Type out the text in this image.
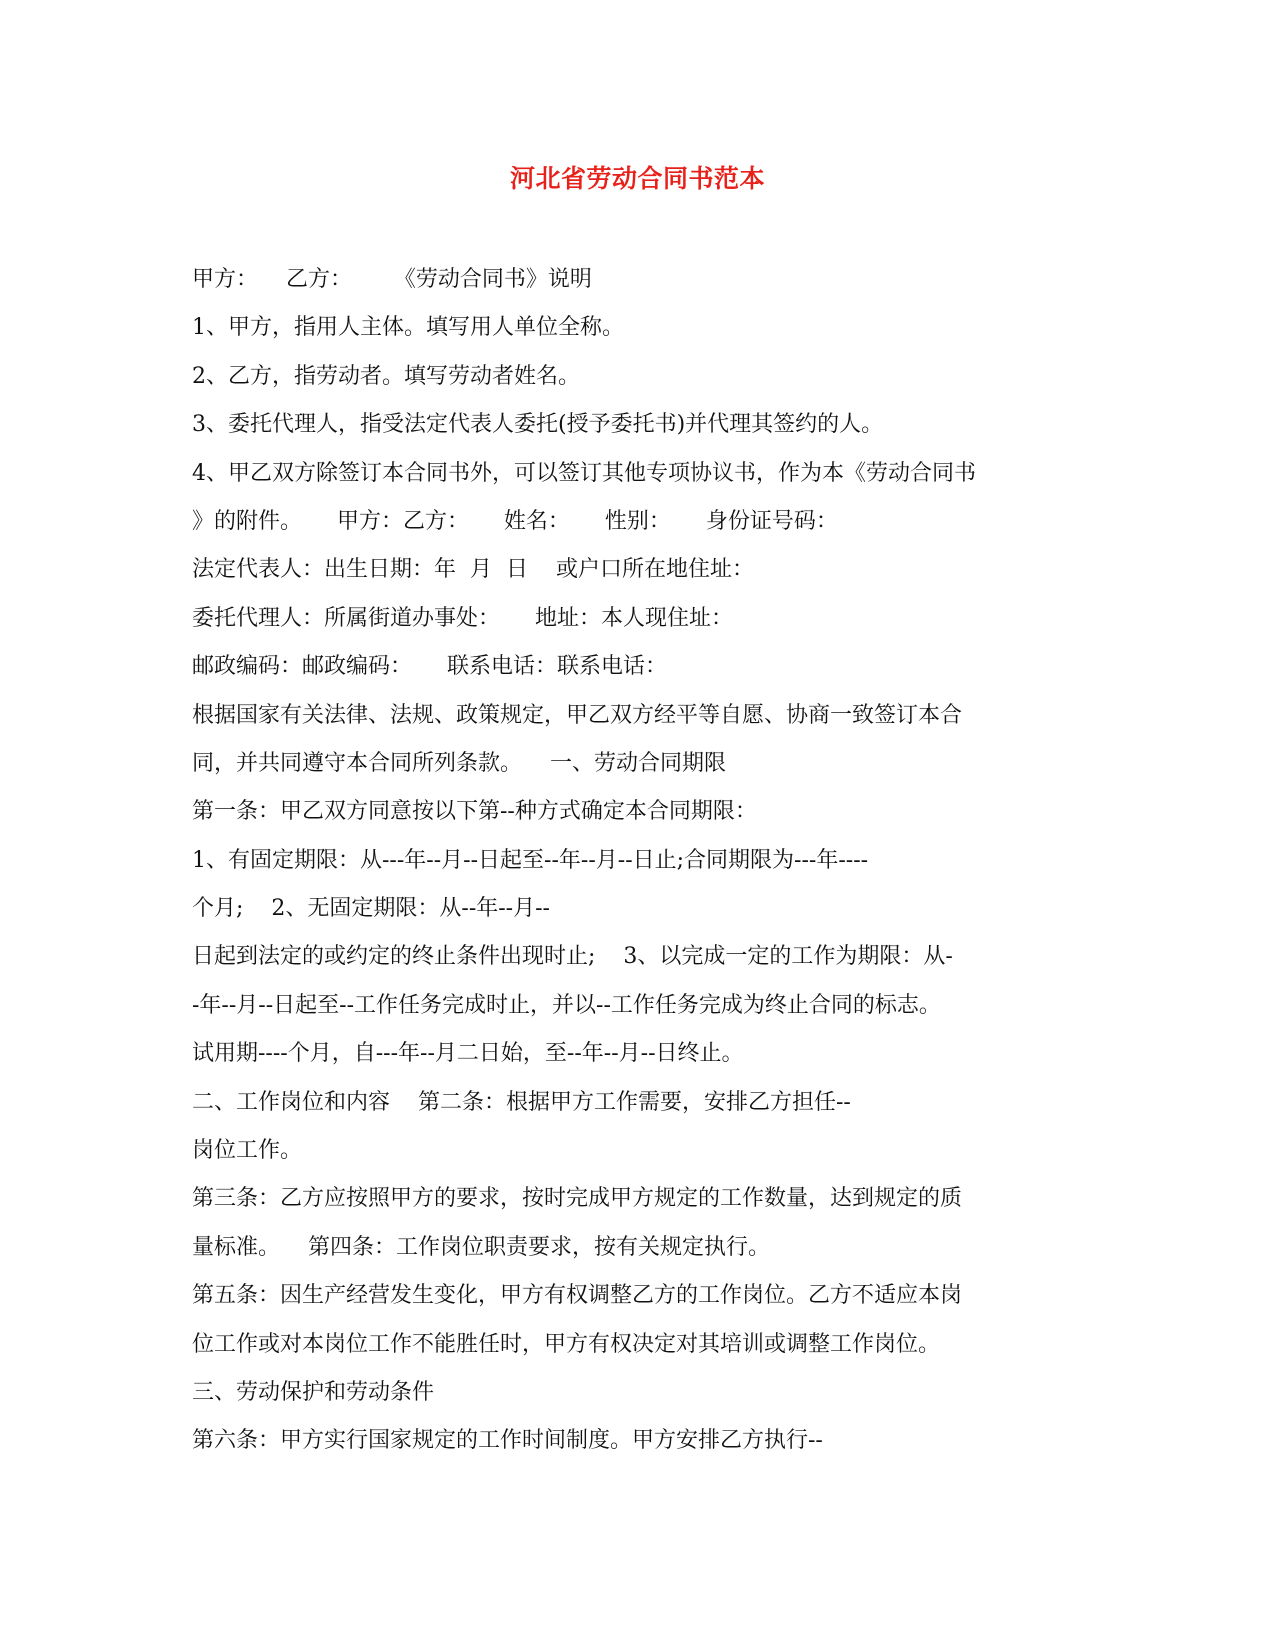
河北省劳动合同书范本
甲方：    乙方：      《劳动合同书》说明
1、甲方，指用人主体。填写用人单位全称。
2、乙方，指劳动者。填写劳动者姓名。
3、委托代理人，指受法定代表人委托(授予委托书)并代理其签约的人。
4、甲乙双方除签订本合同书外，可以签订其他专项协议书，作为本《劳动合同书
》的附件。     甲方：乙方：     姓名：     性别：     身份证号码：
法定代表人：出生日期：年  月  日    或户口所在地住址：
委托代理人：所属街道办事处：     地址：本人现住址：
邮政编码：邮政编码：     联系电话：联系电话：
根据国家有关法律、法规、政策规定，甲乙双方经平等自愿、协商一致签订本合
同，并共同遵守本合同所列条款。    一、劳动合同期限
第一条：甲乙双方同意按以下第--种方式确定本合同期限：
1、有固定期限：从---年--月--日起至--年--月--日止;合同期限为---年----
个月;    2、无固定期限：从--年--月--
日起到法定的或约定的终止条件出现时止;    3、以完成一定的工作为期限：从-
-年--月--日起至--工作任务完成时止，并以--工作任务完成为终止合同的标志。
试用期----个月，自---年--月二日始，至--年--月--日终止。
二、工作岗位和内容    第二条：根据甲方工作需要，安排乙方担任--
岗位工作。
第三条：乙方应按照甲方的要求，按时完成甲方规定的工作数量，达到规定的质
量标准。    第四条：工作岗位职责要求，按有关规定执行。
第五条：因生产经营发生变化，甲方有权调整乙方的工作岗位。乙方不适应本岗
位工作或对本岗位工作不能胜任时，甲方有权决定对其培训或调整工作岗位。
三、劳动保护和劳动条件
第六条：甲方实行国家规定的工作时间制度。甲方安排乙方执行--
